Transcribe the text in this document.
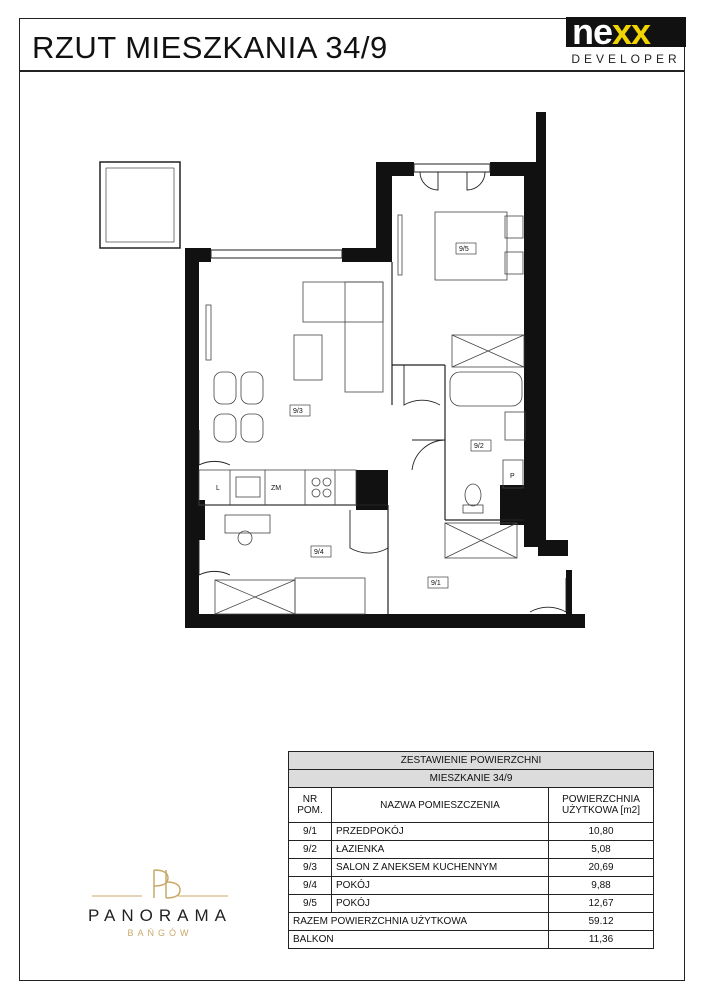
RZUT MIESZKANIA 34/9	nexx
DEVELOPER
9/5
9/3
9/2
9/4
9/1
L	ZM
P
ZESTAWIENIE POWIERZCHNI		
MIESZKANIE 34/9		
NR POM.	NAZWA POMIESZCZENIA	POWIERZCHNIA UŻYTKOWA [m2]
9/1	PRZEDPOKÓJ	10,80
9/2	ŁAZIENKA	5,08
9/3	SALON Z ANEKSEM KUCHENNYM	20,69
9/4	POKÓJ	9,88
9/5	POKÓJ	12,67
RAZEM POWIERZCHNIA UŻYTKOWA		59.12
BALKON		11,36
PANORAMA
BAŃGÓW
